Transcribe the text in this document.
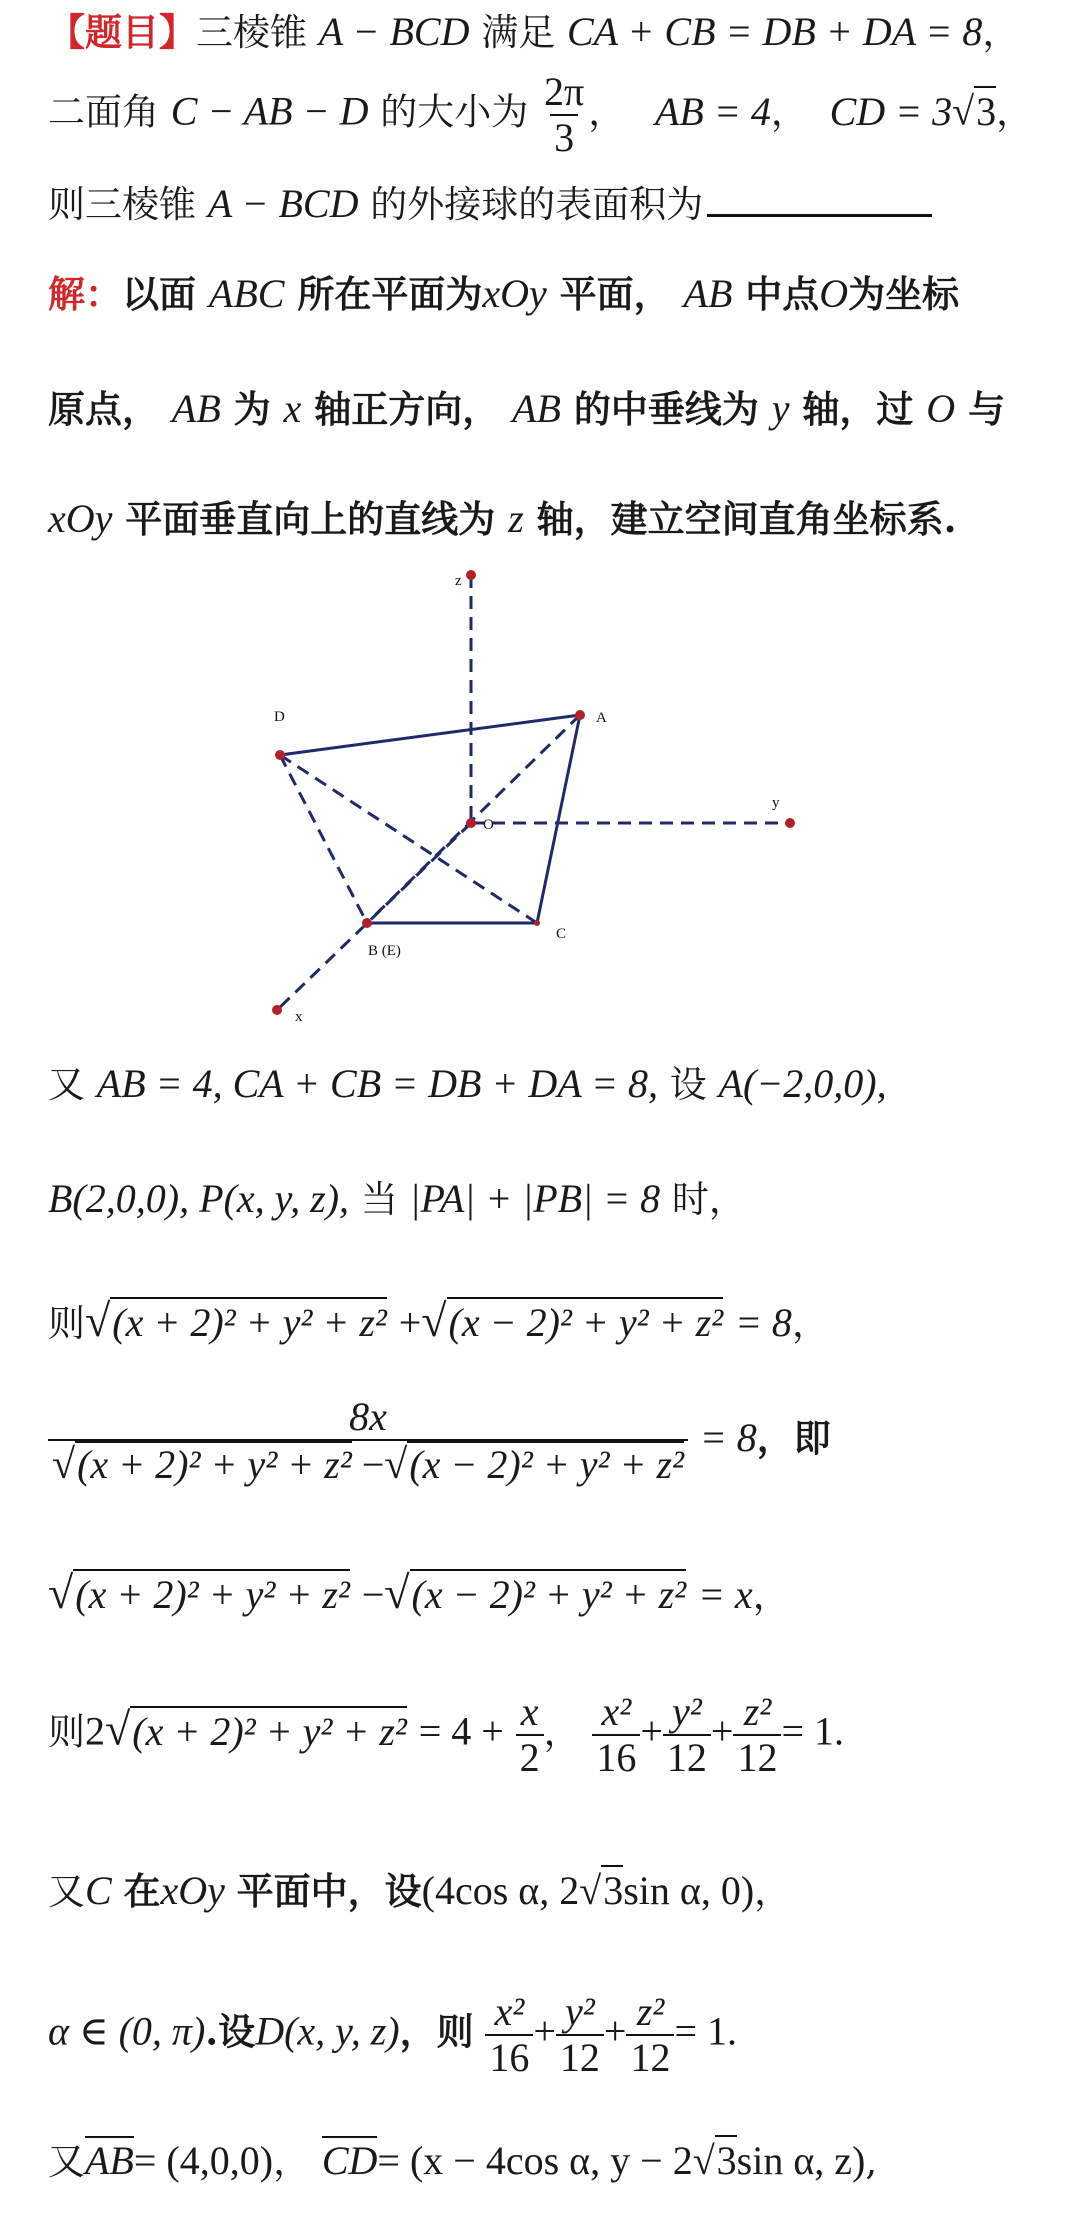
【题目】三棱锥 A − BCD 满足 CA + CB = DB + DA = 8，
二面角 C − AB − D 的大小为 $\frac{2\pi}{3}$ ， AB = 4， CD = 3√3，
则三棱锥 A − BCD 的外接球的表面积为
解：以面 ABC 所在平面为xOy 平面， AB 中点O为坐标
原点， AB 为 x 轴正方向， AB 的中垂线为 y 轴，过 O 与
xOy 平面垂直向上的直线为 z 轴，建立空间直角坐标系.
z
D	A
O
y
B (E)
C
x
又 AB = 4, CA + CB = DB + DA = 8, 设 A(−2,0,0),
B(2,0,0), P(x, y, z), 当 |PA| + |PB| = 8 时，
则√(x + 2)² + y² + z² +√(x − 2)² + y² + z² = 8，
$\frac{8x}{\text{√(x + 2)² + y² + z² −√(x − 2)² + y² + z²}} = 8$，即
√(x + 2)² + y² + z² −√(x − 2)² + y² + z² = x，
则$2√(x + 2)^2 + y^2 + z^2 = 4 + \frac{x}{2}$ ， $\frac{\text{x²}}{16} + \frac{\text{y²}}{12} + \frac{\text{z²}}{12} = 1$.
又C 在xOy 平面中，设(4cos α, 2√3sin α, 0)，
α ∈ (0, π).设D(x, y, z)，则 $\frac{\text{x²}}{16} + \frac{\text{y²}}{12} + \frac{\text{z²}}{12} = 1$.
又AB= (4,0,0)， CD= (x − 4cos α, y − 2√3sin α, z),
